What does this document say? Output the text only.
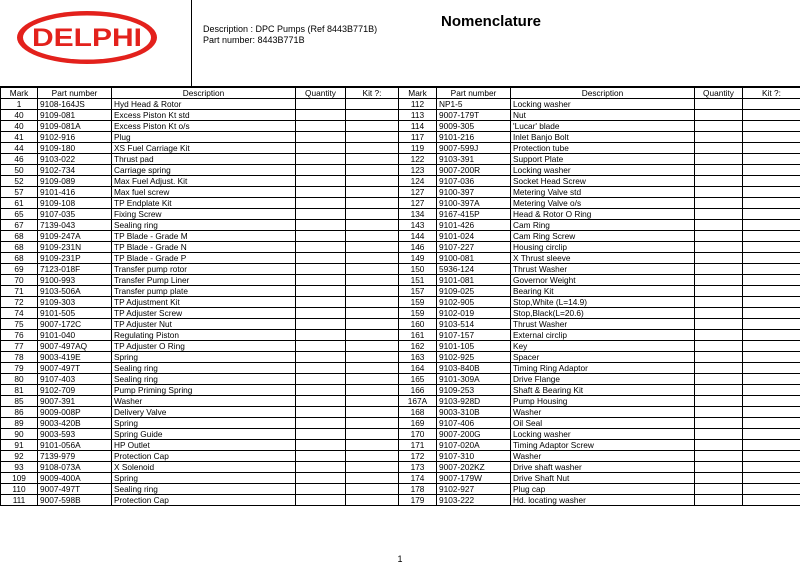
DELPHI	Description : DPC Pumps (Ref 8443B771B)
Part number: 8443B771B
Nomenclature
Mark	Part number	Description	Quantity	Kit ?:	Mark	Part number	Description	Quantity	Kit ?:
1	9108-164JS	Hyd Head & Rotor			112	NP1-5	Locking washer		
40	9109-081	Excess Piston Kt std			113	9007-179T	Nut		
40	9109-081A	Excess Piston Kt o/s			114	9009-305	'Lucar' blade		
41	9102-916	Plug			117	9101-216	Inlet Banjo Bolt		
44	9109-180	XS Fuel Carriage Kit			119	9007-599J	Protection tube		
46	9103-022	Thrust pad			122	9103-391	Support Plate		
50	9102-734	Carriage spring			123	9007-200R	Locking washer		
52	9109-089	Max Fuel Adjust. Kit			124	9107-036	Socket Head Screw		
57	9101-416	Max fuel screw			127	9100-397	Metering Valve std		
61	9109-108	TP Endplate Kit			127	9100-397A	Metering Valve o/s		
65	9107-035	Fixing Screw			134	9167-415P	Head & Rotor O Ring		
67	7139-043	Sealing ring			143	9101-426	Cam Ring		
68	9109-247A	TP Blade - Grade M			144	9101-024	Cam Ring Screw		
68	9109-231N	TP Blade - Grade N			146	9107-227	Housing circlip		
68	9109-231P	TP Blade - Grade P			149	9100-081	X Thrust sleeve		
69	7123-018F	Transfer pump rotor			150	5936-124	Thrust Washer		
70	9100-993	Transfer Pump Liner			151	9101-081	Governor Weight		
71	9103-506A	Transfer pump plate			157	9109-025	Bearing Kit		
72	9109-303	TP Adjustment Kit			159	9102-905	Stop,White (L=14.9)		
74	9101-505	TP Adjuster Screw			159	9102-019	Stop,Black(L=20.6)		
75	9007-172C	TP Adjuster Nut			160	9103-514	Thrust Washer		
76	9101-040	Regulating Piston			161	9107-157	External circlip		
77	9007-497AQ	TP Adjuster O Ring			162	9101-105	Key		
78	9003-419E	Spring			163	9102-925	Spacer		
79	9007-497T	Sealing ring			164	9103-840B	Timing Ring Adaptor		
80	9107-403	Sealing ring			165	9101-309A	Drive Flange		
81	9102-709	Pump Priming Spring			166	9109-253	Shaft & Bearing Kit		
85	9007-391	Washer			167A	9103-928D	Pump Housing		
86	9009-008P	Delivery Valve			168	9003-310B	Washer		
89	9003-420B	Spring			169	9107-406	Oil Seal		
90	9003-593	Spring Guide			170	9007-200G	Locking washer		
91	9101-056A	HP Outlet			171	9107-020A	Timing Adaptor Screw		
92	7139-979	Protection Cap			172	9107-310	Washer		
93	9108-073A	X Solenoid			173	9007-202KZ	Drive shaft washer		
109	9009-400A	Spring			174	9007-179W	Drive Shaft Nut		
110	9007-497T	Sealing ring			178	9102-927	Plug cap		
111	9007-598B	Protection Cap			179	9103-222	Hd. locating washer		
1
